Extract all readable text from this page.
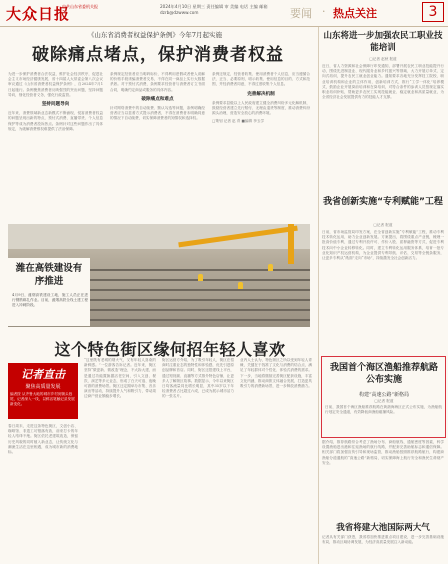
大众日报
中共山东省委机关报	2024年4月10日 星期三 责任编辑 审 美编 电话 主编 邮箱 dzrb@dzwww.com	要闻 · 热点关注	3
《山东省消费者权益保护条例》今年7月起实施
破除痛点堵点，保护消费者权益
为进一步保护消费者合法权益，维护社会经济秩序，促进社会主义市场经济健康发展，省十四届人大常委会第八次会议审议通过《山东省消费者权益保护条例》，自2024年7月1日起施行。条例聚焦消费者反映强烈的突出问题，坚持问题导向，细化经营者义务，强化行政监管。
坚持问题导向
近年来，消费领域新业态新模式不断涌现，侵害消费者权益的问题呈现出新的特点，预付式消费、直播带货、个人信息保护等成为消费者投诉热点。条例针对这些问题作出了具体规定，为破解消费维权难提供了法治保障。
条例规定经营者应当明码标价，不得利用虚假或者使人误解的价格手段诱骗消费者交易，不得在同一商品上实行大数据杀熟。对于预付式消费，条例要求经营者与消费者订立书面合同，明确约定商品或服务的具体内容。
破除痛点和难点
针对网络消费中的自动续费、默认勾选等问题，条例明确经营者应当以显著方式提示消费者，不得在消费者未明确同意的情况下自动续费，切实保障消费者的知情权和选择权。
条例还规定，经营者收集、使用消费者个人信息，应当遵循合法、正当、必要原则，明示收集、使用信息的目的、方式和范围，并经消费者同意，不得过度收集个人信息。
完善解决机制
条例要求县级以上人民政府建立健全消费纠纷多元化解机制，鼓励经营者建立先行赔付、无理由退货等制度，推动消费纠纷源头治理，营造安全放心的消费环境。
□策划 记者 赵 青 ■编辑 李玉学
潍在高铁建设有序推进
4月9日，潍烟高铁建设工地，施工人员正在进行钢筋绑扎作业。目前，潍烟高铁全线土建工程进入冲刺阶段。
这个特色街区缘何招年轻人喜欢
记者直击
聚焦高质量发展
编者按 从齐鲁大地的城市乡村到街头巷尾，记者深入一线，以鲜活笔触记录发展新变化。
春日周末，走进这条特色街区，文创小店、咖啡馆、非遗工坊错落有致，前来打卡的年轻人络绎不绝。街区依托老建筑改造，保留历史风貌的同时植入新业态，让传统文化与潮流生活在这里相遇，成为城市新的消费地标。
“这里既有老城的烟火气，又有年轻人喜欢的新鲜感。”一位游客告诉记者。近年来，街区坚持“微更新、微改造”理念，不大拆大建，而是通过功能置换激活老空间，引入文创、餐饮、演艺等多元业态，形成了白天可逛、夜晚可游的消费场景。街区还定期举办市集、音乐演出等活动，持续提升人气和吸引力，带动周边商户营业额稳步增长。
街区运营方介绍，为了吸引年轻人，街区在招商时注重业态的独特性和体验感，优先引进原创品牌和首店。同时，街区还搭建线上平台，通过短视频、直播等方式推介特色店铺，让更多人了解街区故事。数据显示，今年以来街区日均客流量同比增长明显，其中35岁以下年轻消费者占比超过六成，已成为展示城市活力的一张名片。
业内人士认为，特色街区之所以受到年轻人青睐，关键在于找准了文化与消费的结合点，满足了年轻群体对个性化、体验式消费的需求。下一步，当地将继续完善街区配套设施，丰富文化内涵，推动商旅文体融合发展，打造更具吸引力的消费新场景，进一步释放消费潜力。
山东将进一步加强农民工职业技能培训
□记者 赵秋 报道
近日，省人力资源和社会保障厅印发通知，部署开展农民工职业技能提升行动，围绕先进制造业、现代服务业和乡村振兴等领域，大力开展订单式、定向式培训，提升农民工就业创业能力。通知要求各地充分发挥技工院校、职业培训机构和企业的主体作用，创新培训方式，推行“工学一体化”培养模式，鼓励企业开展岗前培训和在岗培训，对符合条件的参训人员按规定落实职业培训补贴，帮助更多农民工实现技能就业、稳定就业和高质量就业，为全省经济社会发展提供有力的技能人才支撑。
我省创新实施“专利赋能”工程
□记者 报道
日前，省市场监管局印发方案，在全省创新实施“专利赋能”工程，推动专利技术转化运用，助力企业创新发展。方案提出，将围绕重点产业链，梳理一批高价值专利，通过专利开放许可、作价入股、质押融资等方式，促进专利技术向中小企业转移转化。同时，建立专利转化运用服务体系，培育一批专业化知识产权运营机构，为企业提供专利导航、评估、交易等全链条服务，让更多专利从“纸面”走向“市场”，持续激发全社会创新活力。
我国首个海区渔船推荐航路公布实施
构建“高速公路”新格局
□记者 报道
日前，我国首个海区渔船推荐航路在黄渤海海区正式公布实施，为渔船航行划定安全通道，有效降低商渔船碰撞风险。
据介绍，推荐航路综合考虑了渔场分布、商船航线、通航密度等因素，科学设置渔船进出港和往返渔场的航行线路，并配套完善助航标志和通信保障。相关部门将加强宣传引导和现场监管，推动渔船按照推荐航路航行，构建商渔船分道通航的“高速公路”新格局，切实保障海上航行安全和渔民生命财产安全。
我省将建大池国际两大气
记者从有关部门获悉，我省将加快推进重点项目建设，进一步完善基础设施布局，推动区域协调发展，为经济高质量发展注入新动能。
